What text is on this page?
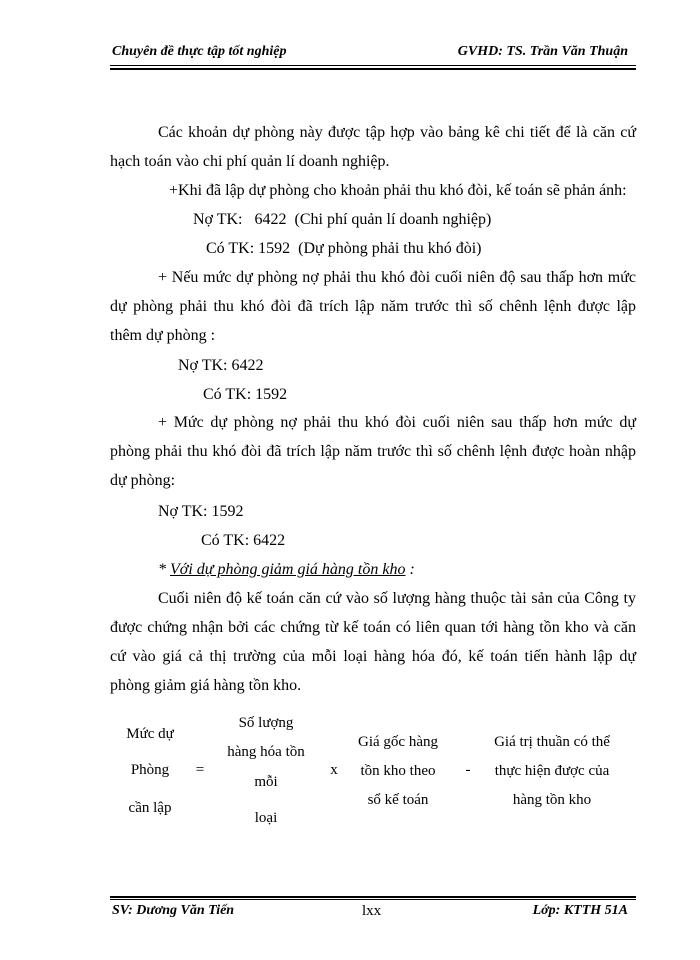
Chuyên đề thực tập tốt nghiệp	GVHD: TS. Trần Văn Thuận
Các khoản dự phòng này được tập hợp vào bảng kê chi tiết để là căn cứ
hạch toán vào chi phí quản lí doanh nghiệp.
+Khi đã lập dự phòng cho khoản phải thu khó đòi, kế toán sẽ phản ánh:
Nợ TK:   6422  (Chi phí quản lí doanh nghiệp)
Có TK: 1592  (Dự phòng phải thu khó đòi)
+ Nếu mức dự phòng nợ phải thu khó đòi cuối niên độ sau thấp hơn mức
dự phòng phải thu khó đòi đã trích lập năm trước thì số chênh lệnh được lập
thêm dự phòng :
Nợ TK: 6422
Có TK: 1592
+ Mức dự phòng nợ phải thu khó đòi cuối niên sau thấp hơn mức dự
phòng phải thu khó đòi đã trích lập năm trước thì số chênh lệnh được hoàn nhập
dự phòng:
Nợ TK: 1592
Có TK: 6422
* Với dự phòng giảm giá hàng tồn kho :
Cuối niên độ kế toán căn cứ vào số lượng hàng thuộc tài sản của Công ty
được chứng nhận bởi các chứng từ kế toán có liên quan tới hàng tồn kho và căn
cứ vào giá cả thị trường của mỗi loại hàng hóa đó, kế toán tiến hành lập dự
phòng giảm giá hàng tồn kho.
Mức dự
Phòng
cần lập
=
Số lượng
hàng hóa tồn
mỗi
loại
x
Giá gốc hàng
tồn kho theo
sổ kế toán
-
Giá trị thuần có thể
thực hiện được của
hàng tồn kho
SV: Dương Văn Tiến	lxx	Lớp: KTTH 51A
